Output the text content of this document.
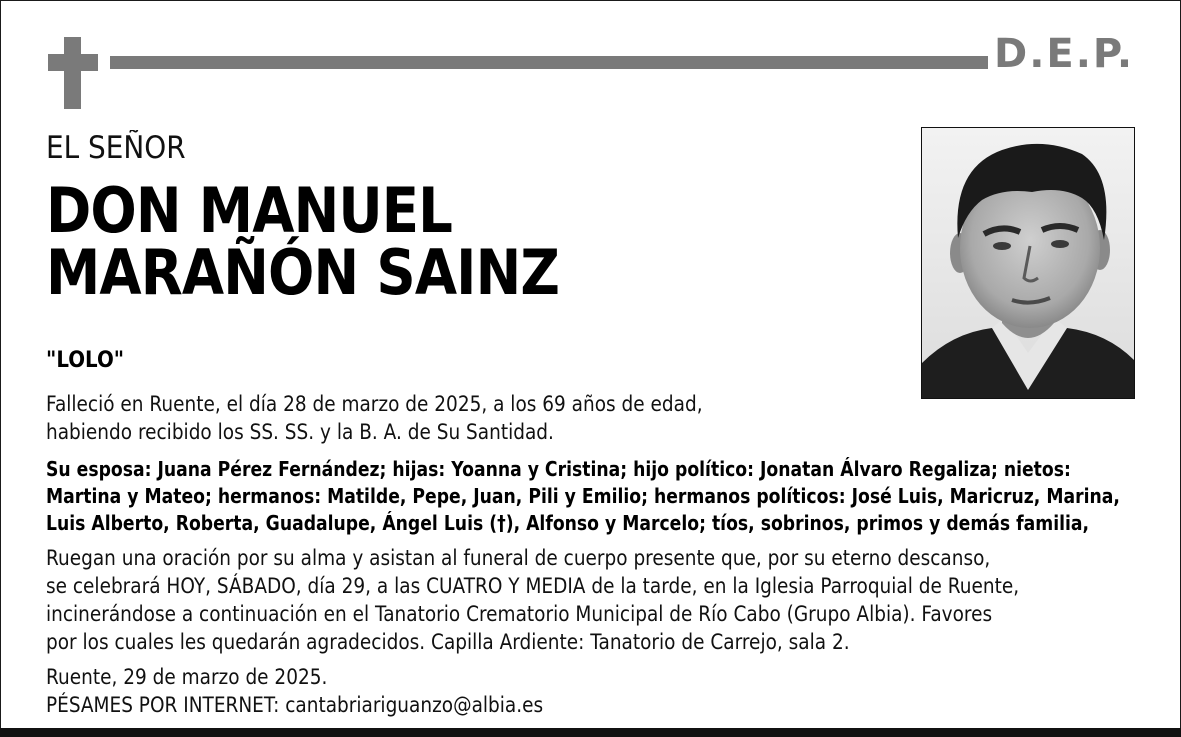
D.E.P.
EL SEÑOR
DON MANUEL
MARAÑÓN SAINZ
"LOLO"
Falleció en Ruente, el día 28 de marzo de 2025, a los 69 años de edad,
habiendo recibido los SS. SS. y la B. A. de Su Santidad.
Su esposa: Juana Pérez Fernández; hijas: Yoanna y Cristina; hijo político: Jonatan Álvaro Regaliza; nietos:
Martina y Mateo; hermanos: Matilde, Pepe, Juan, Pili y Emilio; hermanos políticos: José Luis, Maricruz, Marina,
Luis Alberto, Roberta, Guadalupe, Ángel Luis (†), Alfonso y Marcelo; tíos, sobrinos, primos y demás familia,
Ruegan una oración por su alma y asistan al funeral de cuerpo presente que, por su eterno descanso,
se celebrará HOY, SÁBADO, día 29, a las CUATRO Y MEDIA de la tarde, en la Iglesia Parroquial de Ruente,
incinerándose a continuación en el Tanatorio Crematorio Municipal de Río Cabo (Grupo Albia). Favores
por los cuales les quedarán agradecidos. Capilla Ardiente: Tanatorio de Carrejo, sala 2.
Ruente, 29 de marzo de 2025.
PÉSAMES POR INTERNET: cantabriariguanzo@albia.es
